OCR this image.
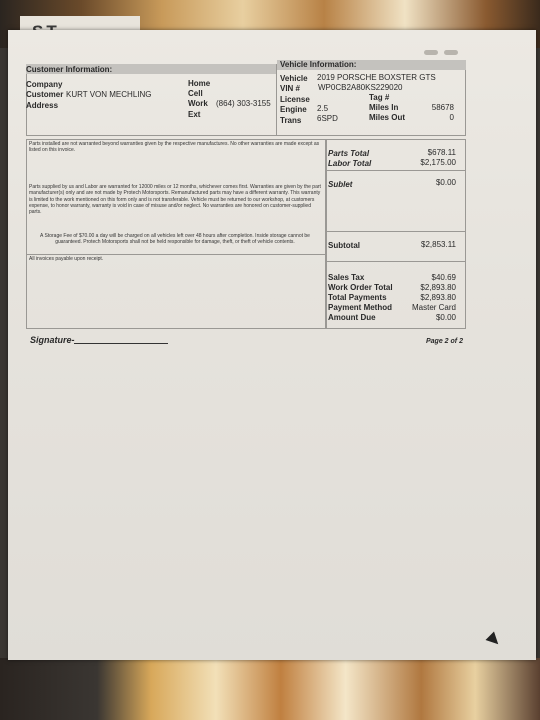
Customer Information:
Vehicle Information:
Company
Customer KURT VON MECHLING
Address
Home
Cell
Work (864) 303-3155
Ext
Vehicle 2019 PORSCHE BOXSTER GTS
VIN # WP0CB2A80KS229020
License	Tag #
Engine 2.5	Miles In	58678
Trans 6SPD	Miles Out	0
Parts installed are not warranted beyond warranties given by the respective manufactures. No other warranties are made except as listed on this invoice.
Parts supplied by us and Labor are warranted for 12000 miles or 12 months, whichever comes first. Warranties are given by the part manufacturer(s) only and are not made by Protech Motorsports. Remanufactured parts may have a different warranty. This warranty is limited to the work mentioned on this form only and is not transferable. Vehicle must be returned to our workshop, at customers expense, to honor warranty, warranty is void in case of misuse and/or neglect. No warranties are honored on customer-supplied parts.
A Storage Fee of $70.00 a day will be charged on all vehicles left over 48 hours after completion. Inside storage cannot be guaranteed. Protech Motorsports shall not be held responsible for damage, theft, or theft of vehicle contents.
All invoices payable upon receipt.
Parts Total	$678.11
Labor Total	$2,175.00
Sublet	$0.00
Subtotal	$2,853.11
Sales Tax	$40.69
Work Order Total	$2,893.80
Total Payments	$2,893.80
Payment Method	Master Card
Amount Due	$0.00
Signature-	Page 2 of 2
